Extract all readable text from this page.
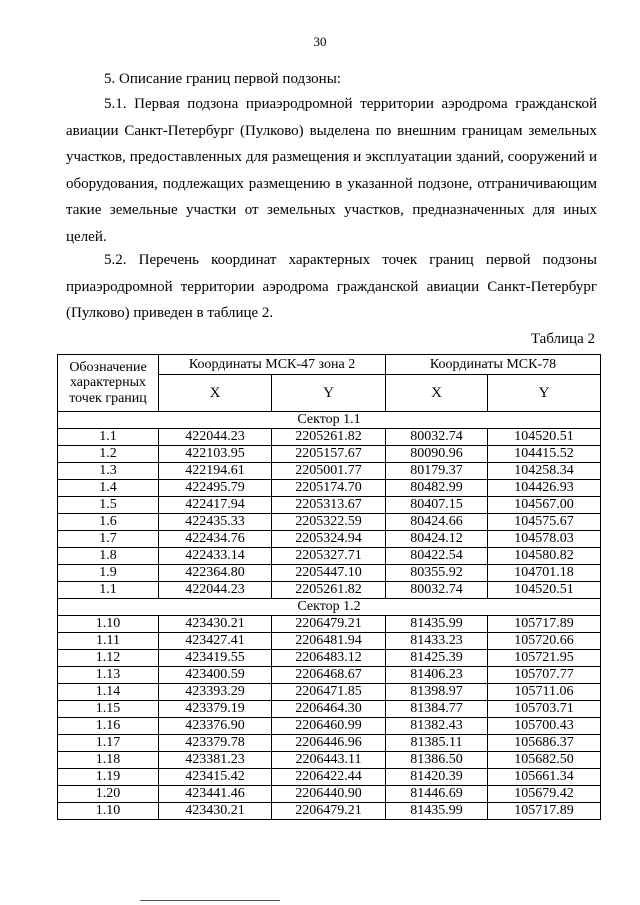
30
5. Описание границ первой подзоны:
5.1. Первая подзона приаэродромной территории аэродрома гражданской авиации Санкт-Петербург (Пулково) выделена по внешним границам земельных участков, предоставленных для размещения и эксплуатации зданий, сооружений и оборудования, подлежащих размещению в указанной подзоне, отграничивающим такие земельные участки от земельных участков, предназначенных для иных целей.
5.2. Перечень координат характерных точек границ первой подзоны приаэродромной территории аэродрома гражданской авиации Санкт-Петербург (Пулково) приведен в таблице 2.
Таблица 2
Обозначение характерных точек границ	Координаты МСК-47 зона 2		Координаты МСК-78	
	X	Y	X	Y
Сектор 1.1				
1.1	422044.23	2205261.82	80032.74	104520.51
1.2	422103.95	2205157.67	80090.96	104415.52
1.3	422194.61	2205001.77	80179.37	104258.34
1.4	422495.79	2205174.70	80482.99	104426.93
1.5	422417.94	2205313.67	80407.15	104567.00
1.6	422435.33	2205322.59	80424.66	104575.67
1.7	422434.76	2205324.94	80424.12	104578.03
1.8	422433.14	2205327.71	80422.54	104580.82
1.9	422364.80	2205447.10	80355.92	104701.18
1.1	422044.23	2205261.82	80032.74	104520.51
Сектор 1.2				
1.10	423430.21	2206479.21	81435.99	105717.89
1.11	423427.41	2206481.94	81433.23	105720.66
1.12	423419.55	2206483.12	81425.39	105721.95
1.13	423400.59	2206468.67	81406.23	105707.77
1.14	423393.29	2206471.85	81398.97	105711.06
1.15	423379.19	2206464.30	81384.77	105703.71
1.16	423376.90	2206460.99	81382.43	105700.43
1.17	423379.78	2206446.96	81385.11	105686.37
1.18	423381.23	2206443.11	81386.50	105682.50
1.19	423415.42	2206422.44	81420.39	105661.34
1.20	423441.46	2206440.90	81446.69	105679.42
1.10	423430.21	2206479.21	81435.99	105717.89
